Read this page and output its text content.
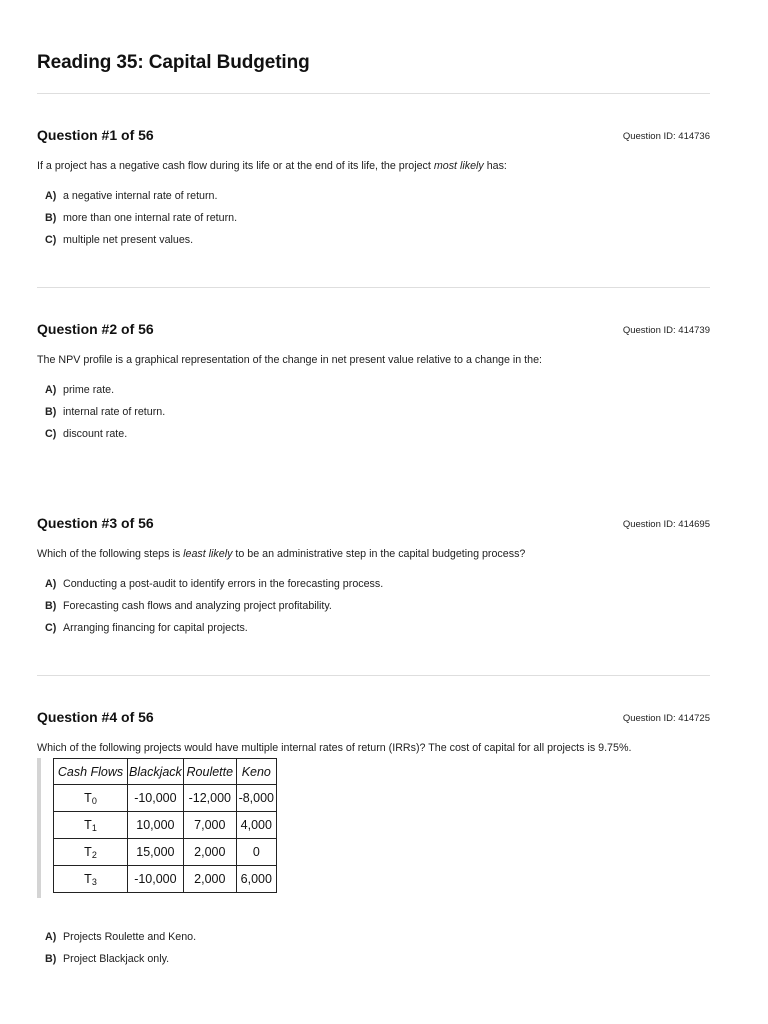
Reading 35: Capital Budgeting
Question #1 of 56	Question ID: 414736
If a project has a negative cash flow during its life or at the end of its life, the project most likely has:
A) a negative internal rate of return.
B) more than one internal rate of return.
C) multiple net present values.
Question #2 of 56	Question ID: 414739
The NPV profile is a graphical representation of the change in net present value relative to a change in the:
A) prime rate.
B) internal rate of return.
C) discount rate.
Question #3 of 56	Question ID: 414695
Which of the following steps is least likely to be an administrative step in the capital budgeting process?
A) Conducting a post-audit to identify errors in the forecasting process.
B) Forecasting cash flows and analyzing project profitability.
C) Arranging financing for capital projects.
Question #4 of 56	Question ID: 414725
Which of the following projects would have multiple internal rates of return (IRRs)? The cost of capital for all projects is 9.75%.
Cash Flows	Blackjack	Roulette	Keno
$T_0$	-10,000	-12,000	-8,000
$T_1$	10,000	7,000	4,000
$T_2$	15,000	2,000	0
$T_3$	-10,000	2,000	6,000
A) Projects Roulette and Keno.
B) Project Blackjack only.
